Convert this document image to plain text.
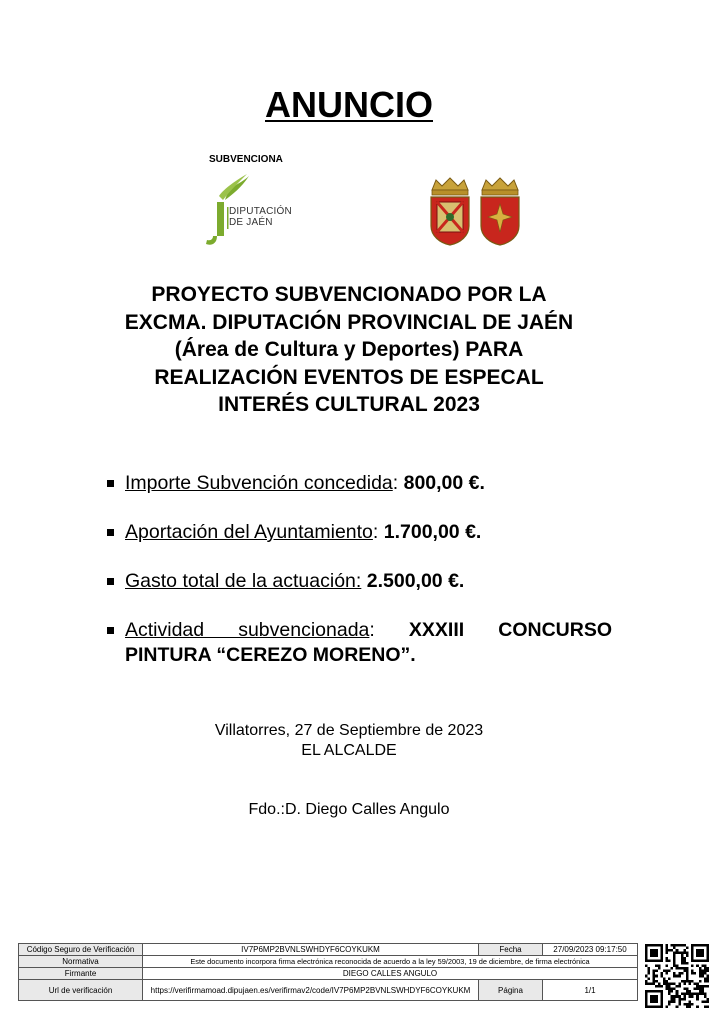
ANUNCIO
SUBVENCIONA
DIPUTACIÓN
DE JAÉN
PROYECTO SUBVENCIONADO POR LA
EXCMA. DIPUTACIÓN PROVINCIAL DE JAÉN
(Área de Cultura y Deportes) PARA
REALIZACIÓN EVENTOS DE ESPECAL
INTERÉS CULTURAL 2023
Importe Subvención concedida: 800,00 €.
Aportación del Ayuntamiento: 1.700,00 €.
Gasto total de la actuación: 2.500,00 €.
Actividad subvencionada: XXXIII CONCURSO
PINTURA “CEREZO MORENO”.
Villatorres, 27 de Septiembre de 2023
EL ALCALDE
Fdo.:D. Diego Calles Angulo
Código Seguro de Verificación	IV7P6MP2BVNLSWHDYF6COYKUKM	Fecha	27/09/2023 09:17:50
Normativa	Este documento incorpora firma electrónica reconocida de acuerdo a la ley 59/2003, 19 de diciembre, de firma electrónica		
Firmante	DIEGO CALLES ANGULO		
Url de verificación	https://verifirmamoad.dipujaen.es/verifirmav2/code/IV7P6MP2BVNLSWHDYF6COYKUKM	Página	1/1
